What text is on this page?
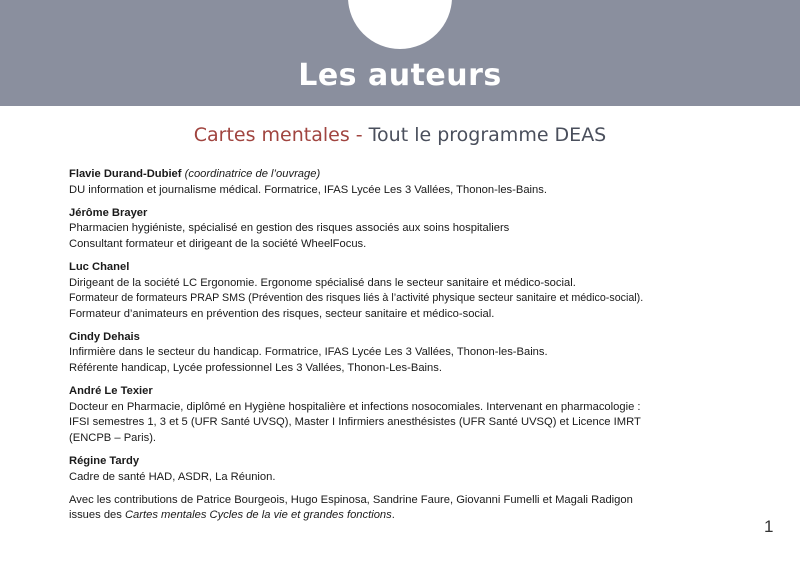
Les auteurs
Cartes mentales - Tout le programme DEAS
Flavie Durand-Dubief (coordinatrice de l’ouvrage)
DU information et journalisme médical. Formatrice, IFAS Lycée Les 3 Vallées, Thonon-les-Bains.
Jérôme Brayer
Pharmacien hygiéniste, spécialisé en gestion des risques associés aux soins hospitaliers
Consultant formateur et dirigeant de la société WheelFocus.
Luc Chanel
Dirigeant de la société LC Ergonomie. Ergonome spécialisé dans le secteur sanitaire et médico-social.
Formateur de formateurs PRAP SMS (Prévention des risques liés à l’activité physique secteur sanitaire et médico-social).
Formateur d’animateurs en prévention des risques, secteur sanitaire et médico-social.
Cindy Dehais
Infirmière dans le secteur du handicap. Formatrice, IFAS Lycée Les 3 Vallées, Thonon-les-Bains.
Référente handicap, Lycée professionnel Les 3 Vallées, Thonon-Les-Bains.
André Le Texier
Docteur en Pharmacie, diplômé en Hygiène hospitalière et infections nosocomiales. Intervenant en pharmacologie :
IFSI semestres 1, 3 et 5 (UFR Santé UVSQ), Master I Infirmiers anesthésistes (UFR Santé UVSQ) et Licence IMRT
(ENCPB – Paris).
Régine Tardy
Cadre de santé HAD, ASDR, La Réunion.
Avec les contributions de Patrice Bourgeois, Hugo Espinosa, Sandrine Faure, Giovanni Fumelli et Magali Radigon
issues des Cartes mentales Cycles de la vie et grandes fonctions.
1
